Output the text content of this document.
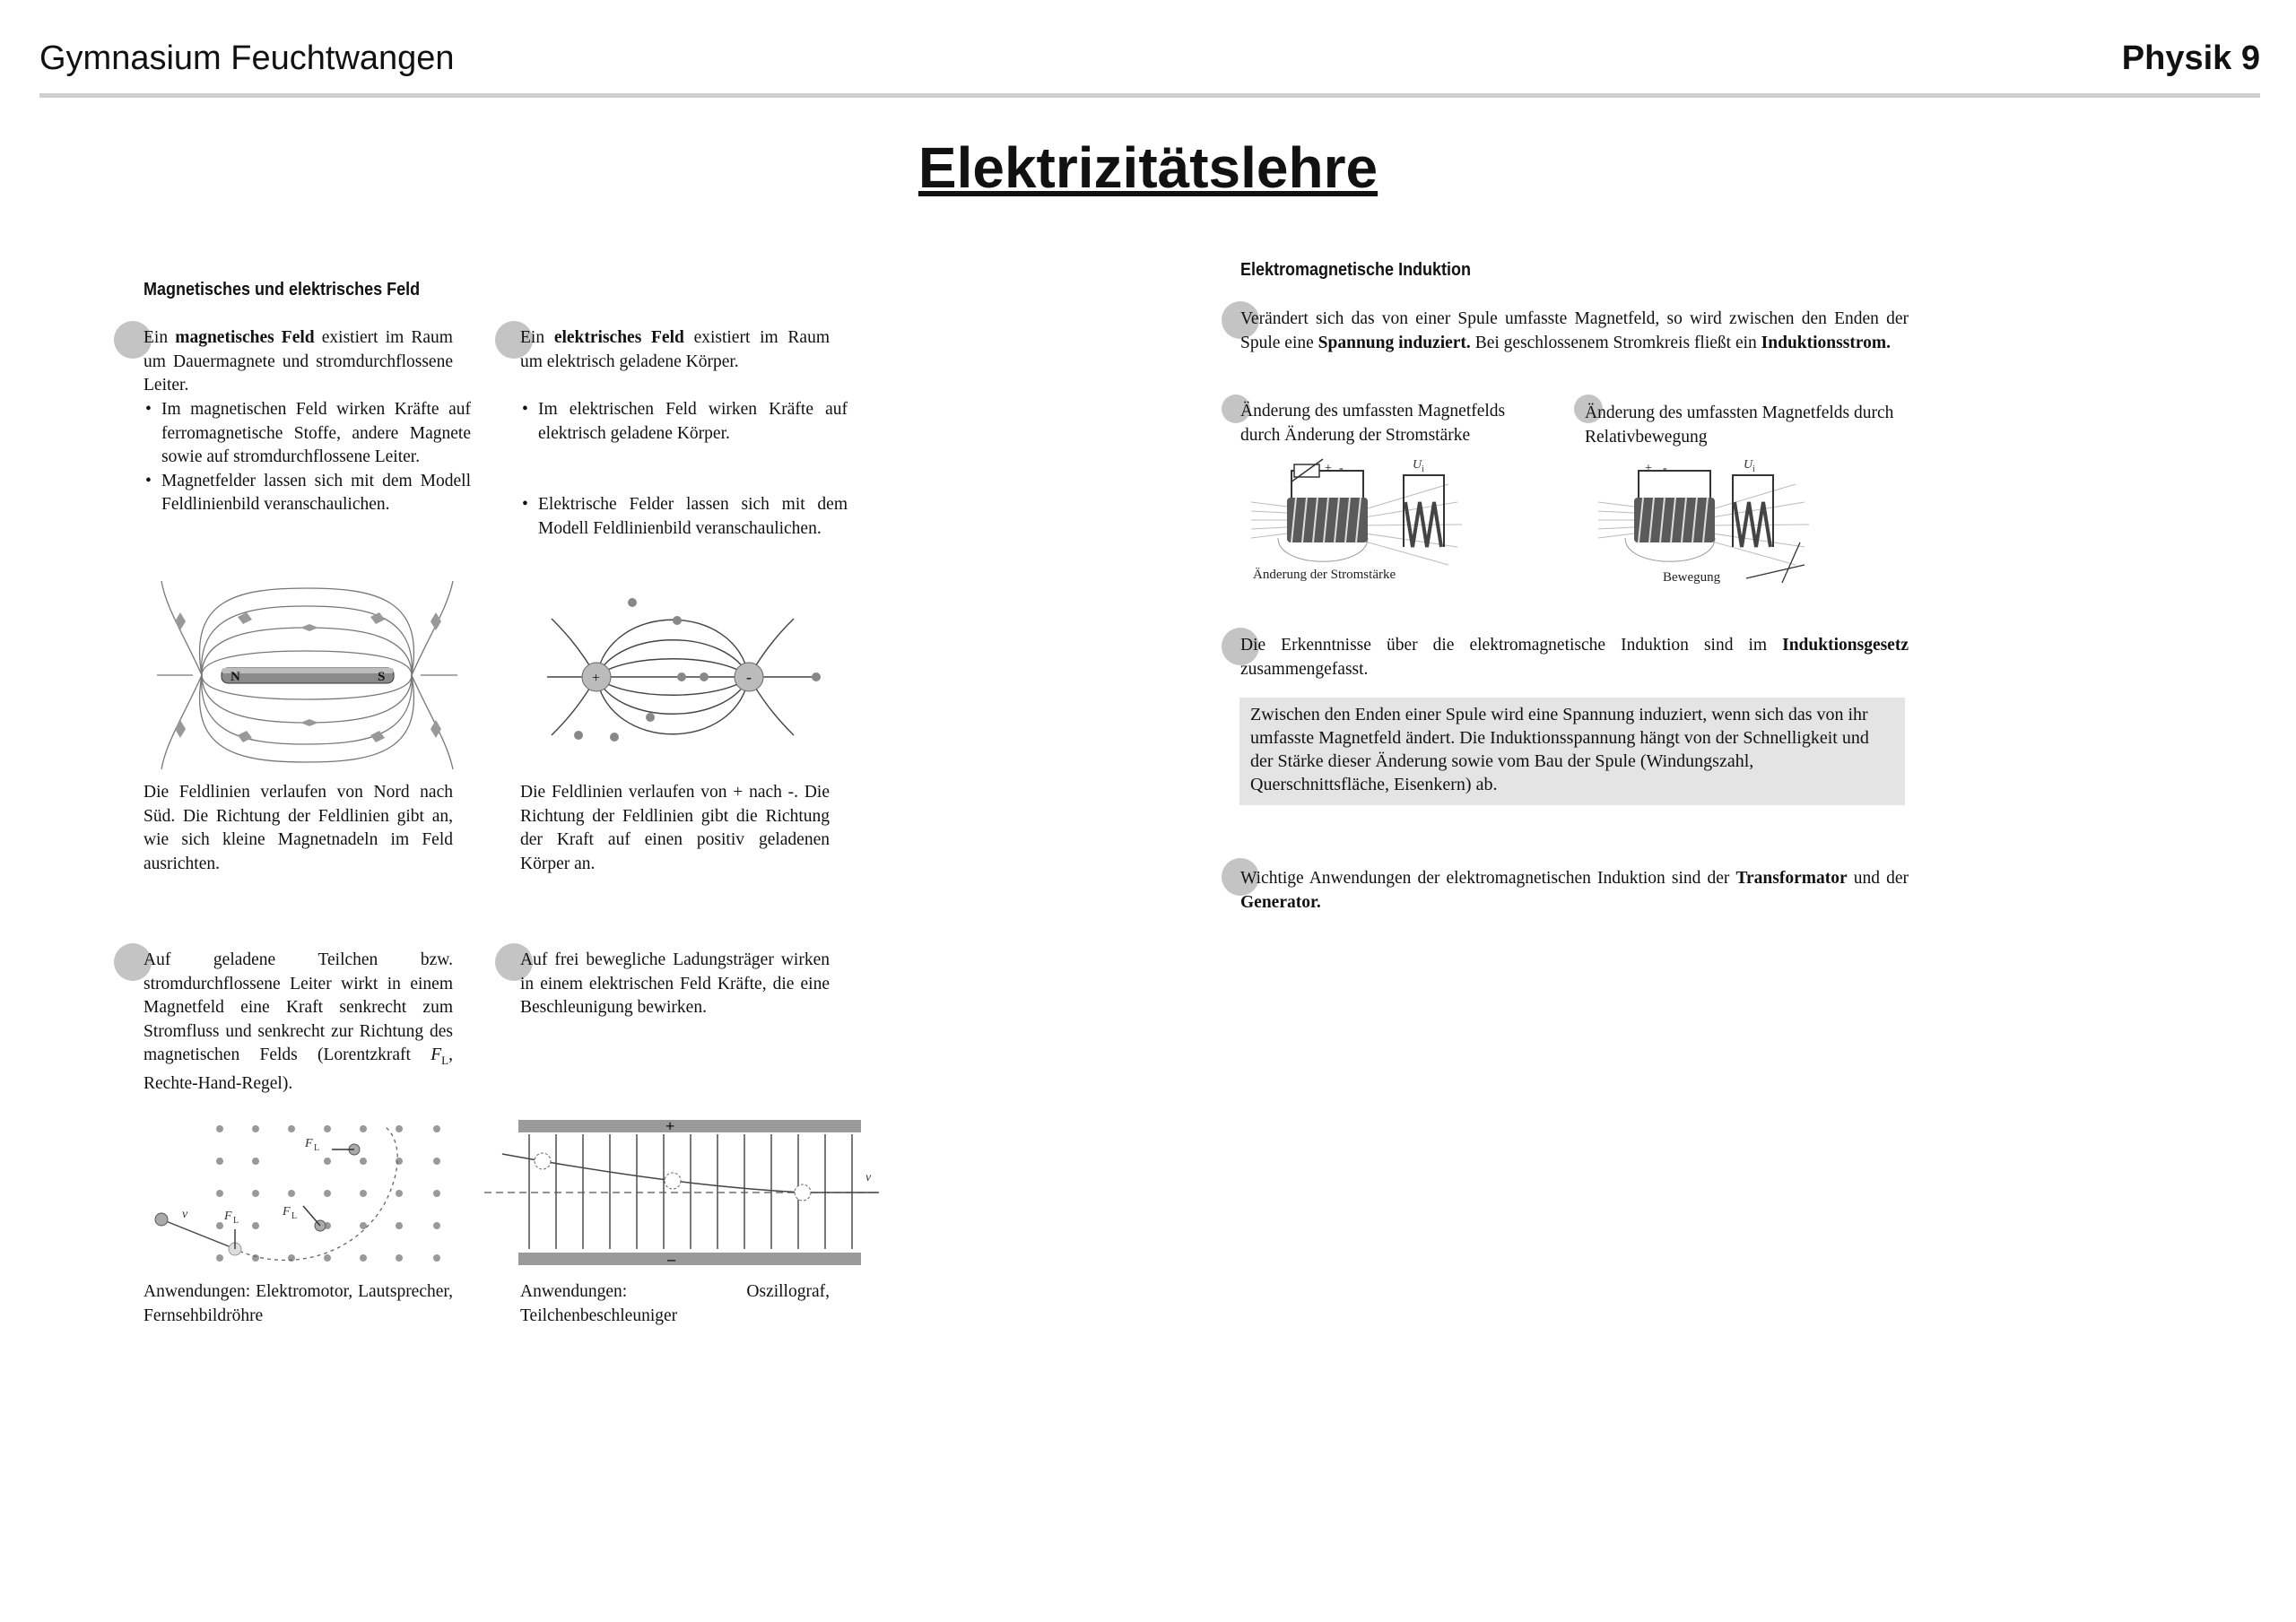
Gymnasium Feuchtwangen	Physik 9
Elektrizitätslehre
Magnetisches und elektrisches Feld
Ein magnetisches Feld existiert im Raum um Dauermagnete und stromdurchflossene Leiter.
• Im magnetischen Feld wirken Kräfte auf ferromagnetische Stoffe, andere Magnete sowie auf stromdurchflossene Leiter.
• Magnetfelder lassen sich mit dem Modell Feldlinienbild veranschaulichen.
Ein elektrisches Feld existiert im Raum um elektrisch geladene Körper.
• Im elektrischen Feld wirken Kräfte auf elektrisch geladene Körper.
• Elektrische Felder lassen sich mit dem Modell Feldlinienbild veranschaulichen.
N	S	+	-
Die Feldlinien verlaufen von Nord nach Süd. Die Richtung der Feldlinien gibt an, wie sich kleine Magnetnadeln im Feld ausrichten.
Die Feldlinien verlaufen von + nach -. Die Richtung der Feldlinien gibt die Richtung der Kraft auf einen positiv geladenen Körper an.
Auf geladene Teilchen bzw. stromdurchflossene Leiter wirkt in einem Magnetfeld eine Kraft senkrecht zum Stromfluss und senkrecht zur Richtung des magnetischen Felds (Lorentzkraft $F_L$, Rechte-Hand-Regel).
Auf frei bewegliche Ladungsträger wirken in einem elektrischen Feld Kräfte, die eine Beschleunigung bewirken.
v	F L
F L
F L
+
–
v
Anwendungen: Elektromotor, Lautsprecher, Fernsehbildröhre
Anwendungen: Oszillograf, Teilchenbeschleuniger
Elektromagnetische Induktion
Verändert sich das von einer Spule umfasste Magnetfeld, so wird zwischen den Enden der Spule eine Spannung induziert. Bei geschlossenem Stromkreis fließt ein Induktionsstrom.
Änderung des umfassten Magnetfelds durch Änderung der Stromstärke
Änderung des umfassten Magnetfelds durch Relativbewegung
+ -	U i
Änderung der Stromstärke
+ -	U i
Bewegung
Die Erkenntnisse über die elektromagnetische Induktion sind im Induktionsgesetz zusammengefasst.
Zwischen den Enden einer Spule wird eine Spannung induziert, wenn sich das von ihr umfasste Magnetfeld ändert. Die Induktionsspannung hängt von der Schnelligkeit und der Stärke dieser Änderung sowie vom Bau der Spule (Windungszahl, Querschnittsfläche, Eisenkern) ab.
Wichtige Anwendungen der elektromagnetischen Induktion sind der Transformator und der Generator.
